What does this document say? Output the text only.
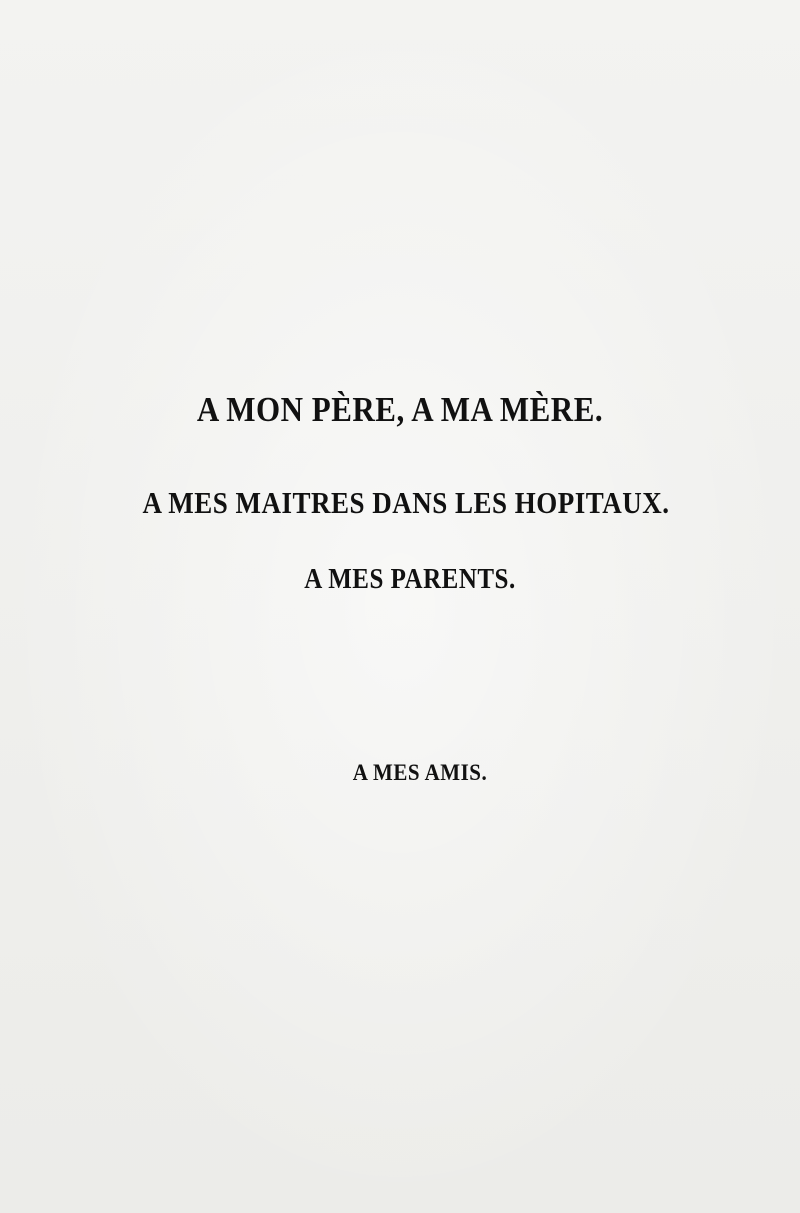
A MON PÈRE, A MA MÈRE.
A MES MAITRES DANS LES HOPITAUX.
A MES PARENTS.
A MES AMIS.
